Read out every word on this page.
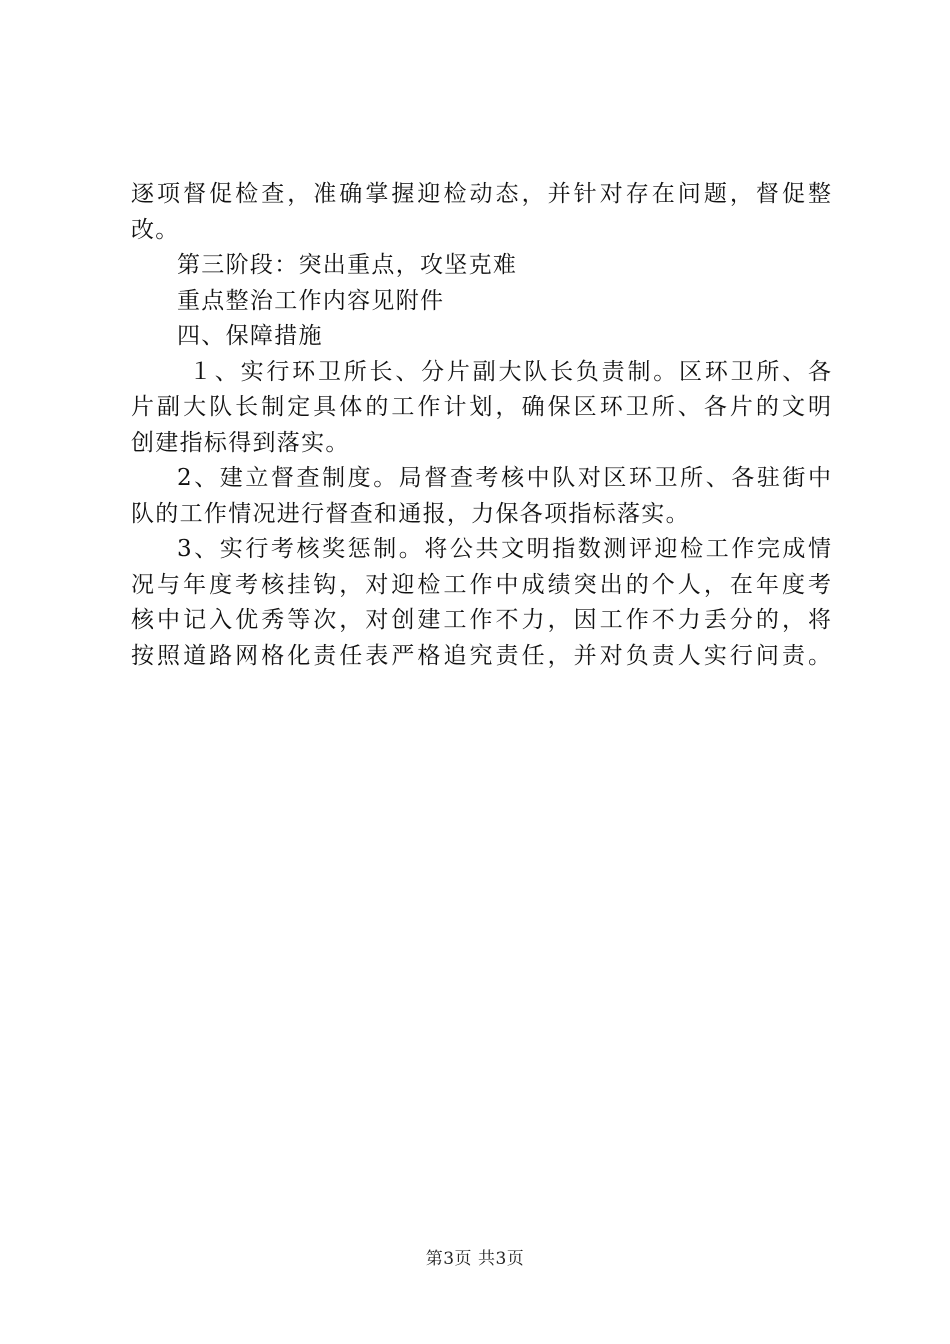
逐项督促检查，准确掌握迎检动态，并针对存在问题，督促整
改。
第三阶段：突出重点，攻坚克难
重点整治工作内容见附件
四、保障措施
１、实行环卫所长、分片副大队长负责制。区环卫所、各
片副大队长制定具体的工作计划，确保区环卫所、各片的文明
创建指标得到落实。
2、建立督查制度。局督查考核中队对区环卫所、各驻街中
队的工作情况进行督查和通报，力保各项指标落实。
3、实行考核奖惩制。将公共文明指数测评迎检工作完成情
况与年度考核挂钩，对迎检工作中成绩突出的个人，在年度考
核中记入优秀等次，对创建工作不力，因工作不力丢分的，将
按照道路网格化责任表严格追究责任，并对负责人实行问责。
第3页 共3页
